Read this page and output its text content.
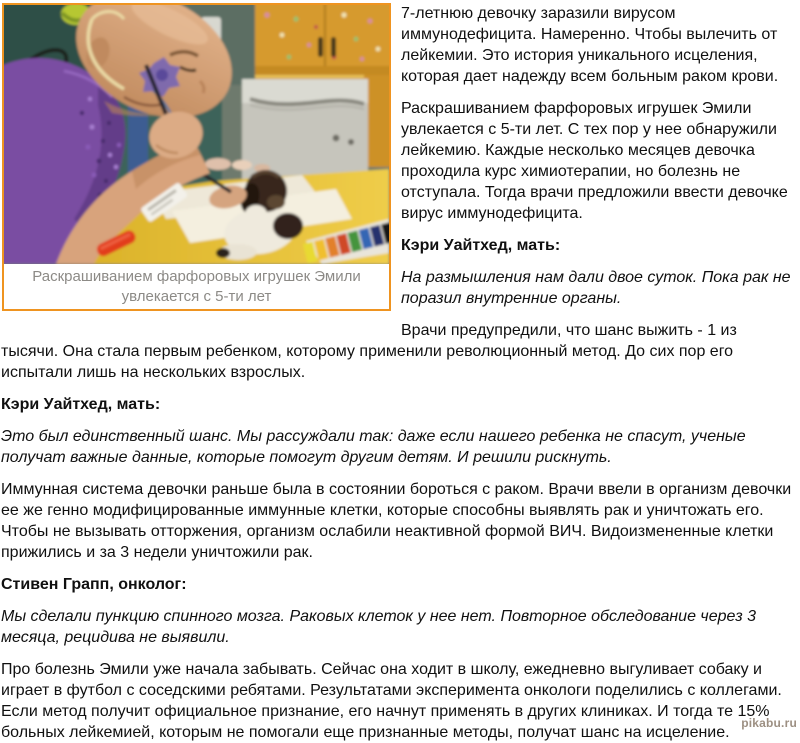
Раскрашиванием фарфоровых игрушек Эмили увлекается с 5-ти лет

7-летнюю девочку заразили вирусом иммунодефицита. Намеренно. Чтобы вылечить от лейкемии. Это история уникального исцеления, которая дает надежду всем больным раком крови.

Раскрашиванием фарфоровых игрушек Эмили увлекается с 5-ти лет. С тех пор у нее обнаружили лейкемию. Каждые несколько месяцев девочка проходила курс химиотерапии, но болезнь не отступала. Тогда врачи предложили ввести девочке вирус иммунодефицита.

Кэри Уайтхед, мать:

На размышления нам дали двое суток. Пока рак не поразил внутренние органы.

Врачи предупредили, что шанс выжить - 1 из тысячи. Она стала первым ребенком, которому применили революционный метод. До сих пор его испытали лишь на нескольких взрослых.

Кэри Уайтхед, мать:

Это был единственный шанс. Мы рассуждали так: даже если нашего ребенка не спасут, ученые получат важные данные, которые помогут другим детям. И решили рискнуть.

Иммунная система девочки раньше была в состоянии бороться с раком. Врачи ввели в организм девочки ее же генно модифицированные иммунные клетки, которые способны выявлять рак и уничтожать его. Чтобы не вызывать отторжения, организм ослабили неактивной формой ВИЧ. Видоизмененные клетки прижились и за 3 недели уничтожили рак.

Стивен Грапп, онколог:

Мы сделали пункцию спинного мозга. Раковых клеток у нее нет. Повторное обследование через 3 месяца, рецидива не выявили.

Про болезнь Эмили уже начала забывать. Сейчас она ходит в школу, ежедневно выгуливает собаку и играет в футбол с соседскими ребятами. Результатами эксперимента онкологи поделились с коллегами. Если метод получит официальное признание, его начнут применять в других клиниках. И тогда те 15% больных лейкемией, которым не помогали еще признанные методы, получат шанс на исцеление.

pikabu.ru
